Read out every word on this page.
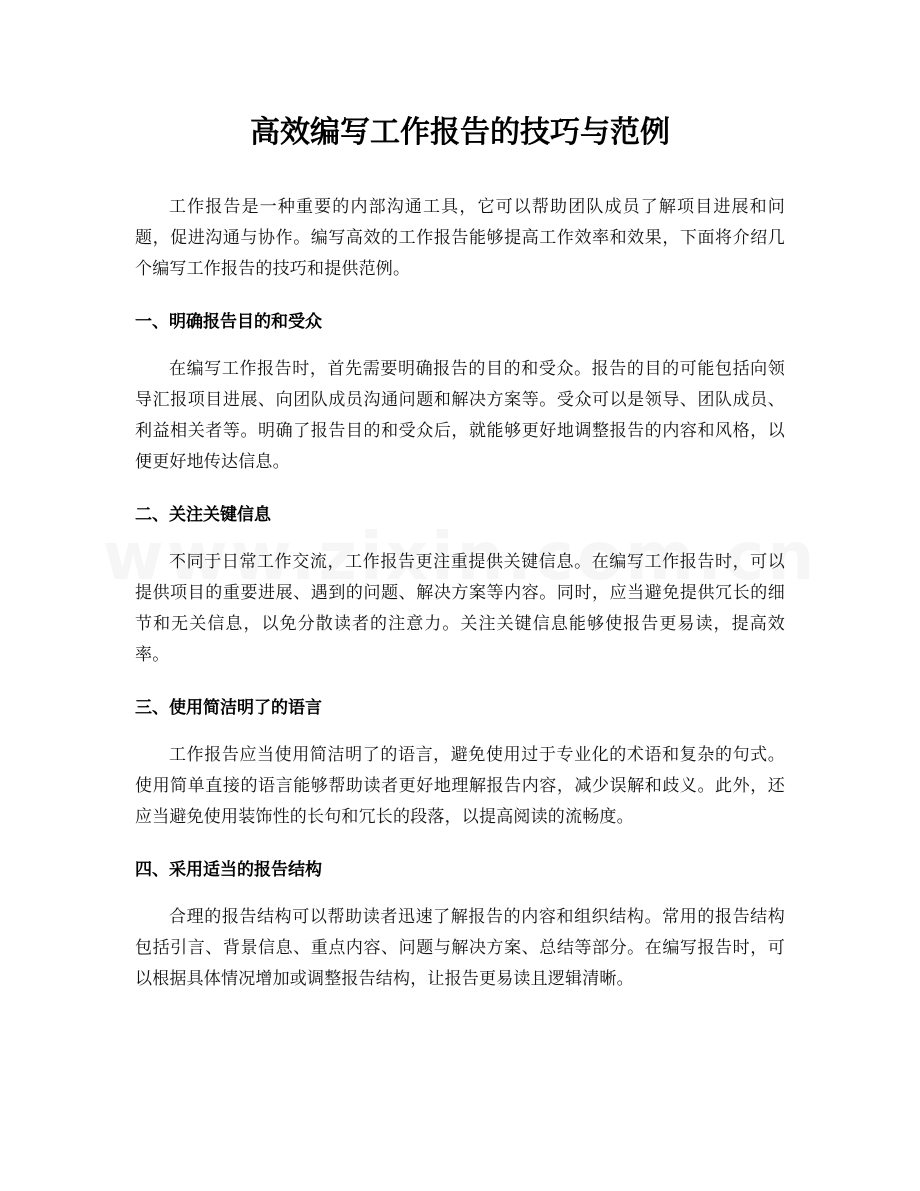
高效编写工作报告的技巧与范例

工作报告是一种重要的内部沟通工具，它可以帮助团队成员了解项目进展和问题，促进沟通与协作。编写高效的工作报告能够提高工作效率和效果，下面将介绍几个编写工作报告的技巧和提供范例。

一、明确报告目的和受众

在编写工作报告时，首先需要明确报告的目的和受众。报告的目的可能包括向领导汇报项目进展、向团队成员沟通问题和解决方案等。受众可以是领导、团队成员、利益相关者等。明确了报告目的和受众后，就能够更好地调整报告的内容和风格，以便更好地传达信息。

二、关注关键信息

不同于日常工作交流，工作报告更注重提供关键信息。在编写工作报告时，可以提供项目的重要进展、遇到的问题、解决方案等内容。同时，应当避免提供冗长的细节和无关信息，以免分散读者的注意力。关注关键信息能够使报告更易读，提高效率。

三、使用简洁明了的语言

工作报告应当使用简洁明了的语言，避免使用过于专业化的术语和复杂的句式。使用简单直接的语言能够帮助读者更好地理解报告内容，减少误解和歧义。此外，还应当避免使用装饰性的长句和冗长的段落，以提高阅读的流畅度。

四、采用适当的报告结构

合理的报告结构可以帮助读者迅速了解报告的内容和组织结构。常用的报告结构包括引言、背景信息、重点内容、问题与解决方案、总结等部分。在编写报告时，可以根据具体情况增加或调整报告结构，让报告更易读且逻辑清晰。
